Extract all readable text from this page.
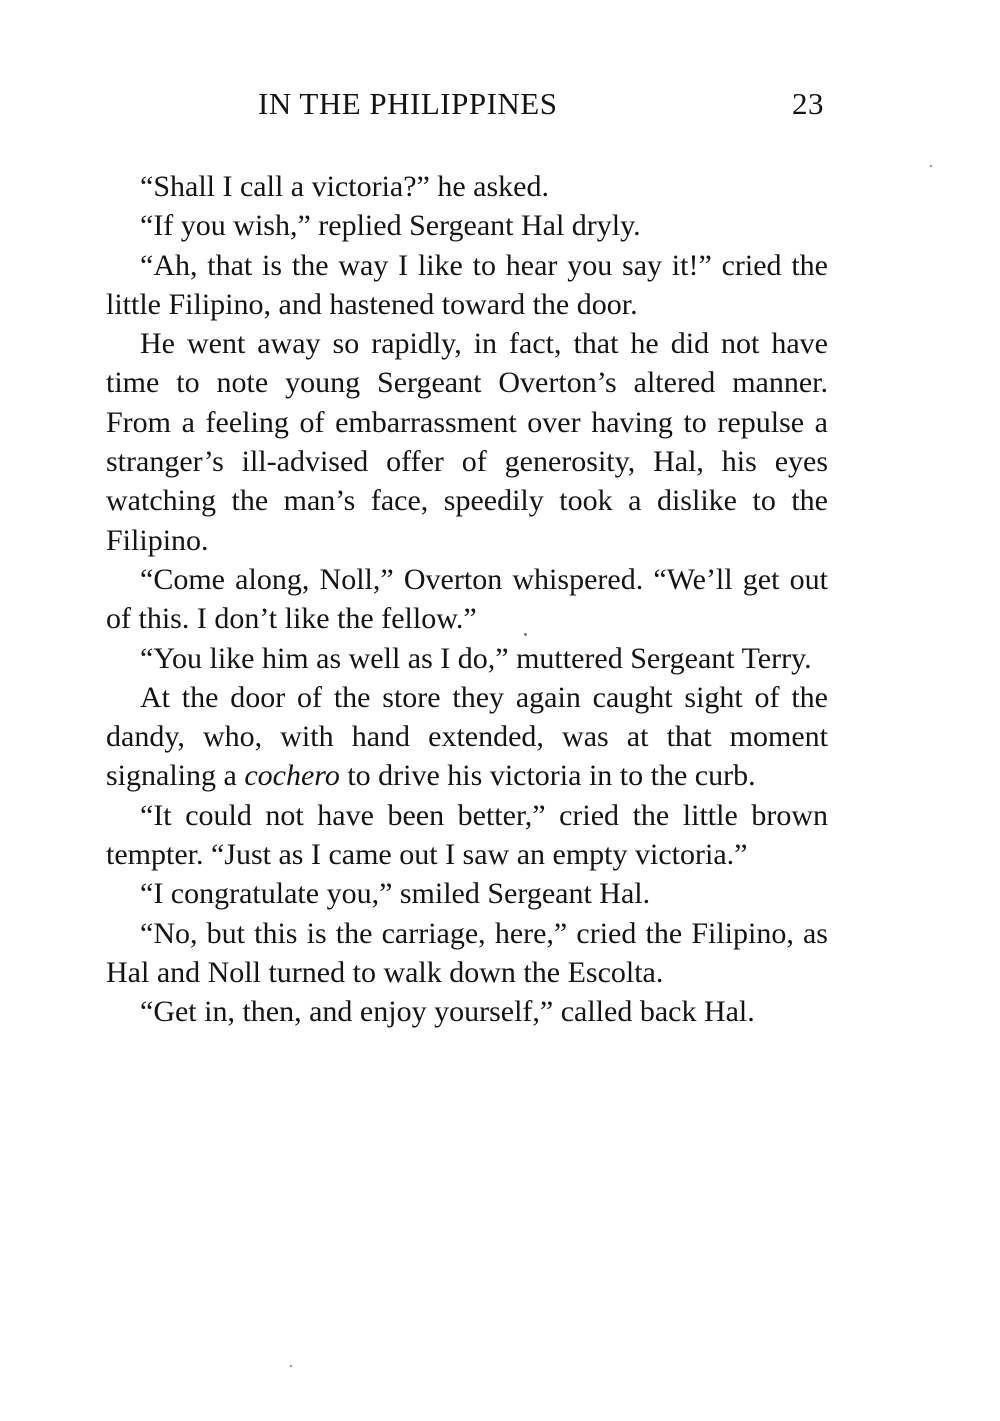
IN THE PHILIPPINES	23

“Shall I call a victoria?” he asked.

“If you wish,” replied Sergeant Hal dryly.

“Ah, that is the way I like to hear you say it!” cried the little Filipino, and hastened toward the door.

He went away so rapidly, in fact, that he did not have time to note young Sergeant Overton’s altered manner. From a feeling of embarrassment over having to repulse a stranger’s ill-advised offer of generosity, Hal, his eyes watching the man’s face, speedily took a dislike to the Filipino.

“Come along, Noll,” Overton whispered. “We’ll get out of this. I don’t like the fellow.”

“You like him as well as I do,” muttered Sergeant Terry.

At the door of the store they again caught sight of the dandy, who, with hand extended, was at that moment signaling a cochero to drive his victoria in to the curb.

“It could not have been better,” cried the little brown tempter. “Just as I came out I saw an empty victoria.”

“I congratulate you,” smiled Sergeant Hal.

“No, but this is the carriage, here,” cried the Filipino, as Hal and Noll turned to walk down the Escolta.

“Get in, then, and enjoy yourself,” called back Hal.
